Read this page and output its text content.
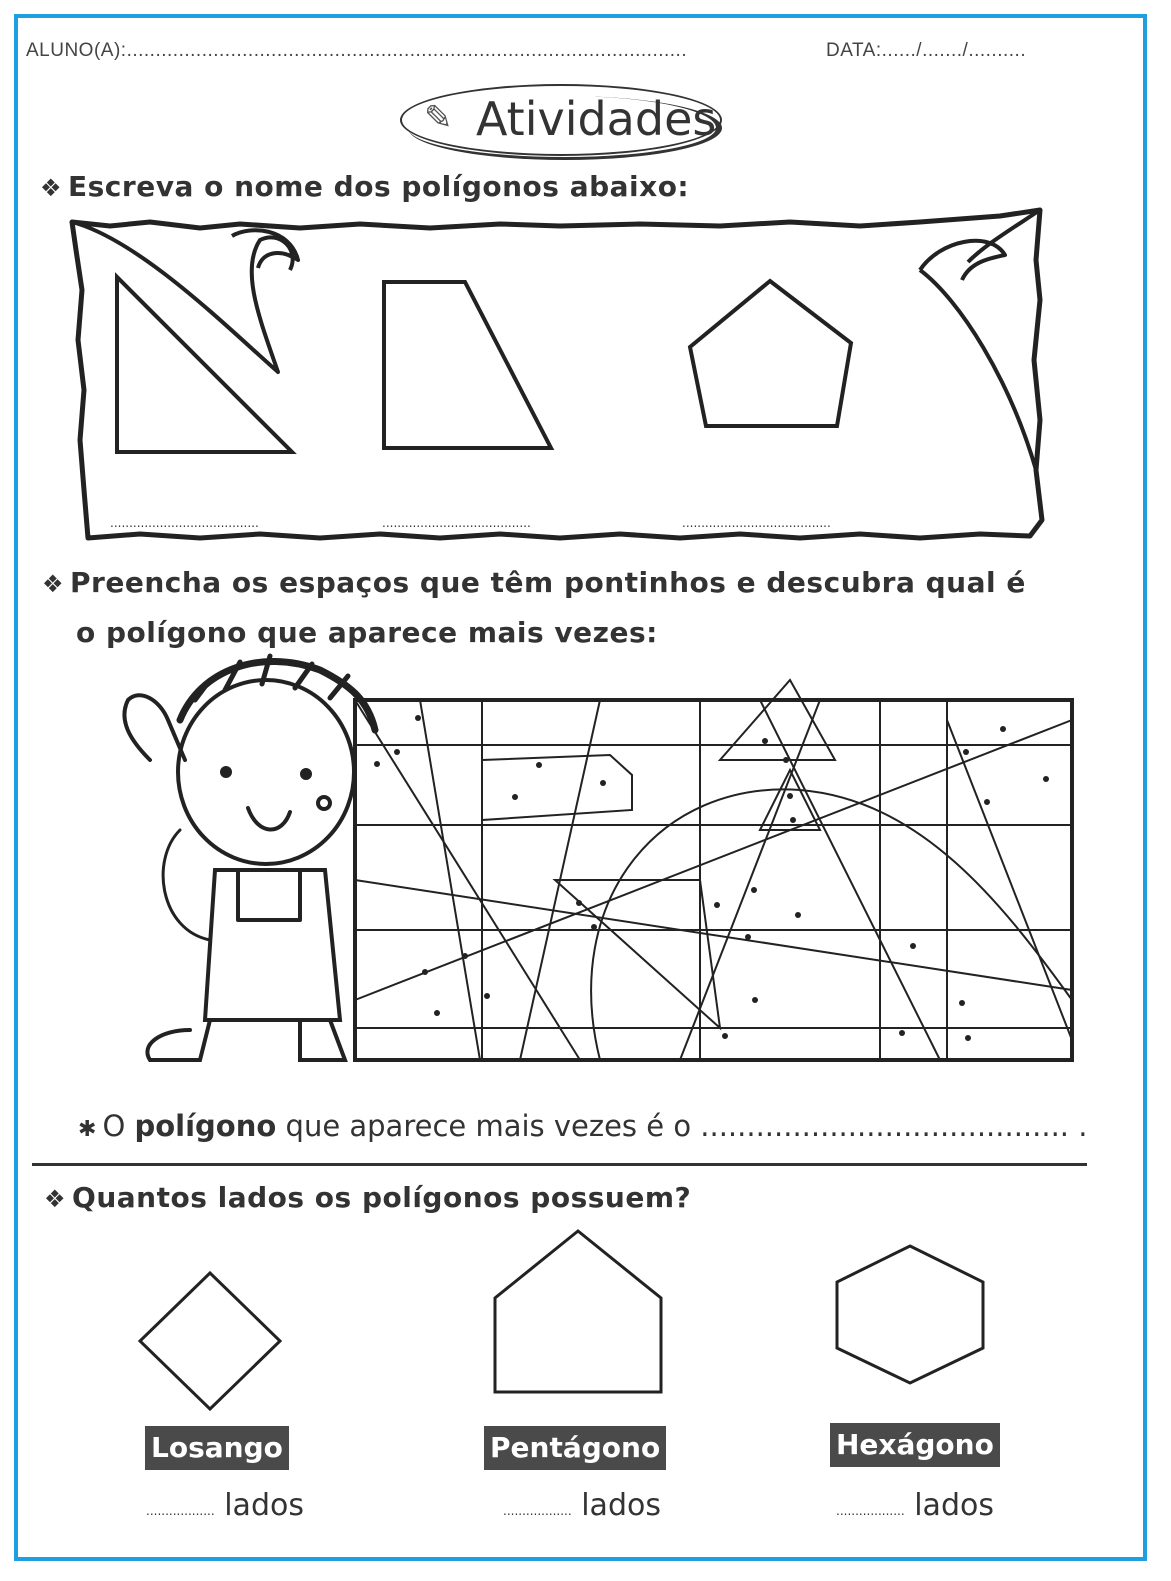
ALUNO(A):.................................................................................................	DATA:....../......./..........
✎ Atividades
❖ Escreva o nome dos polígonos abaixo:
.......................................	.......................................	.......................................
❖ Preencha os espaços que têm pontinhos e descubra qual é
o polígono que aparece mais vezes:
✱ O polígono que aparece mais vezes é o ........................................ .
❖ Quantos lados os polígonos possuem?
Losango	Pentágono	Hexágono
.................. lados	.................. lados	.................. lados
